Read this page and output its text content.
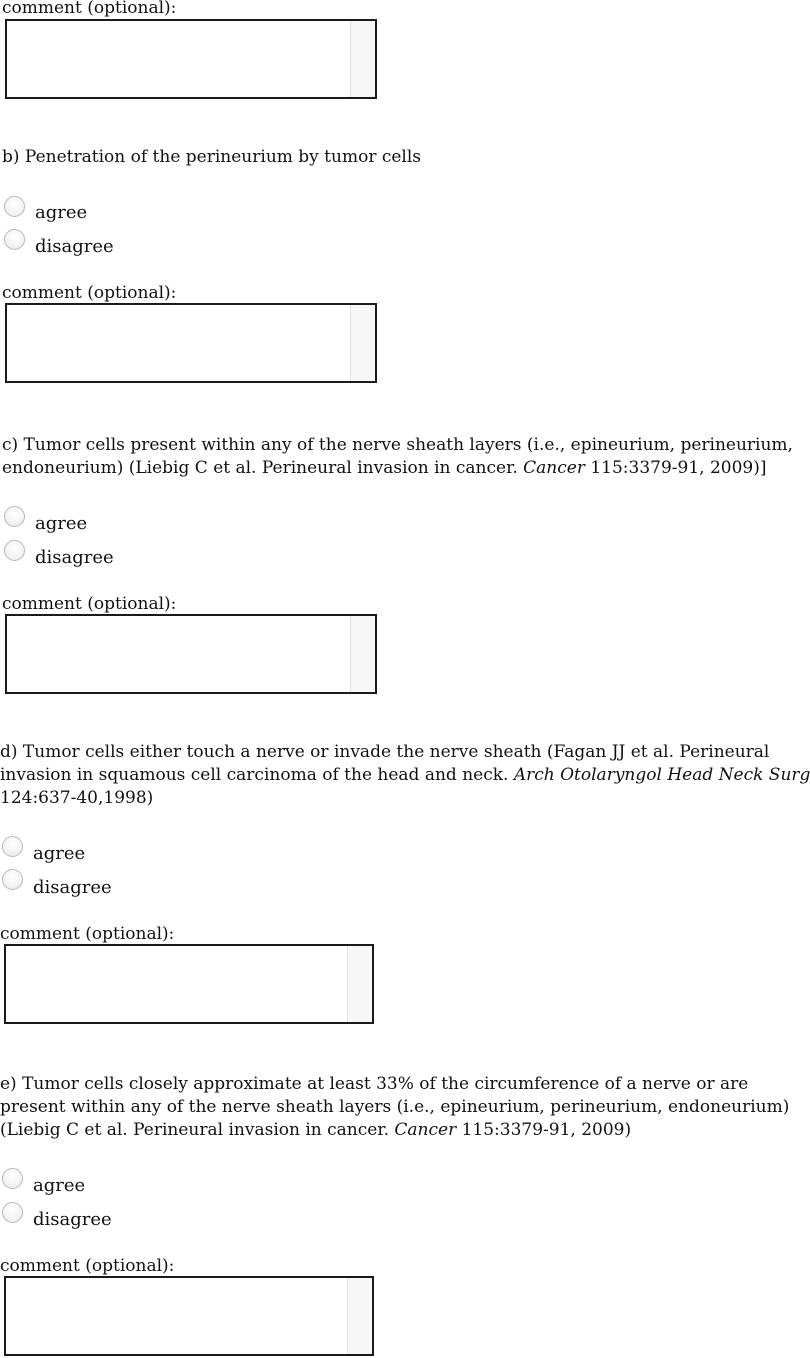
comment (optional):
b) Penetration of the perineurium by tumor cells
agree
disagree
comment (optional):
c) Tumor cells present within any of the nerve sheath layers (i.e., epineurium, perineurium,
endoneurium) (Liebig C et al. Perineural invasion in cancer. Cancer 115:3379-91, 2009)]
agree
disagree
comment (optional):
d) Tumor cells either touch a nerve or invade the nerve sheath (Fagan JJ et al. Perineural
invasion in squamous cell carcinoma of the head and neck. Arch Otolaryngol Head Neck Surg
124:637-40,1998)
agree
disagree
comment (optional):
e) Tumor cells closely approximate at least 33% of the circumference of a nerve or are
present within any of the nerve sheath layers (i.e., epineurium, perineurium, endoneurium)
(Liebig C et al. Perineural invasion in cancer. Cancer 115:3379-91, 2009)
agree
disagree
comment (optional):
